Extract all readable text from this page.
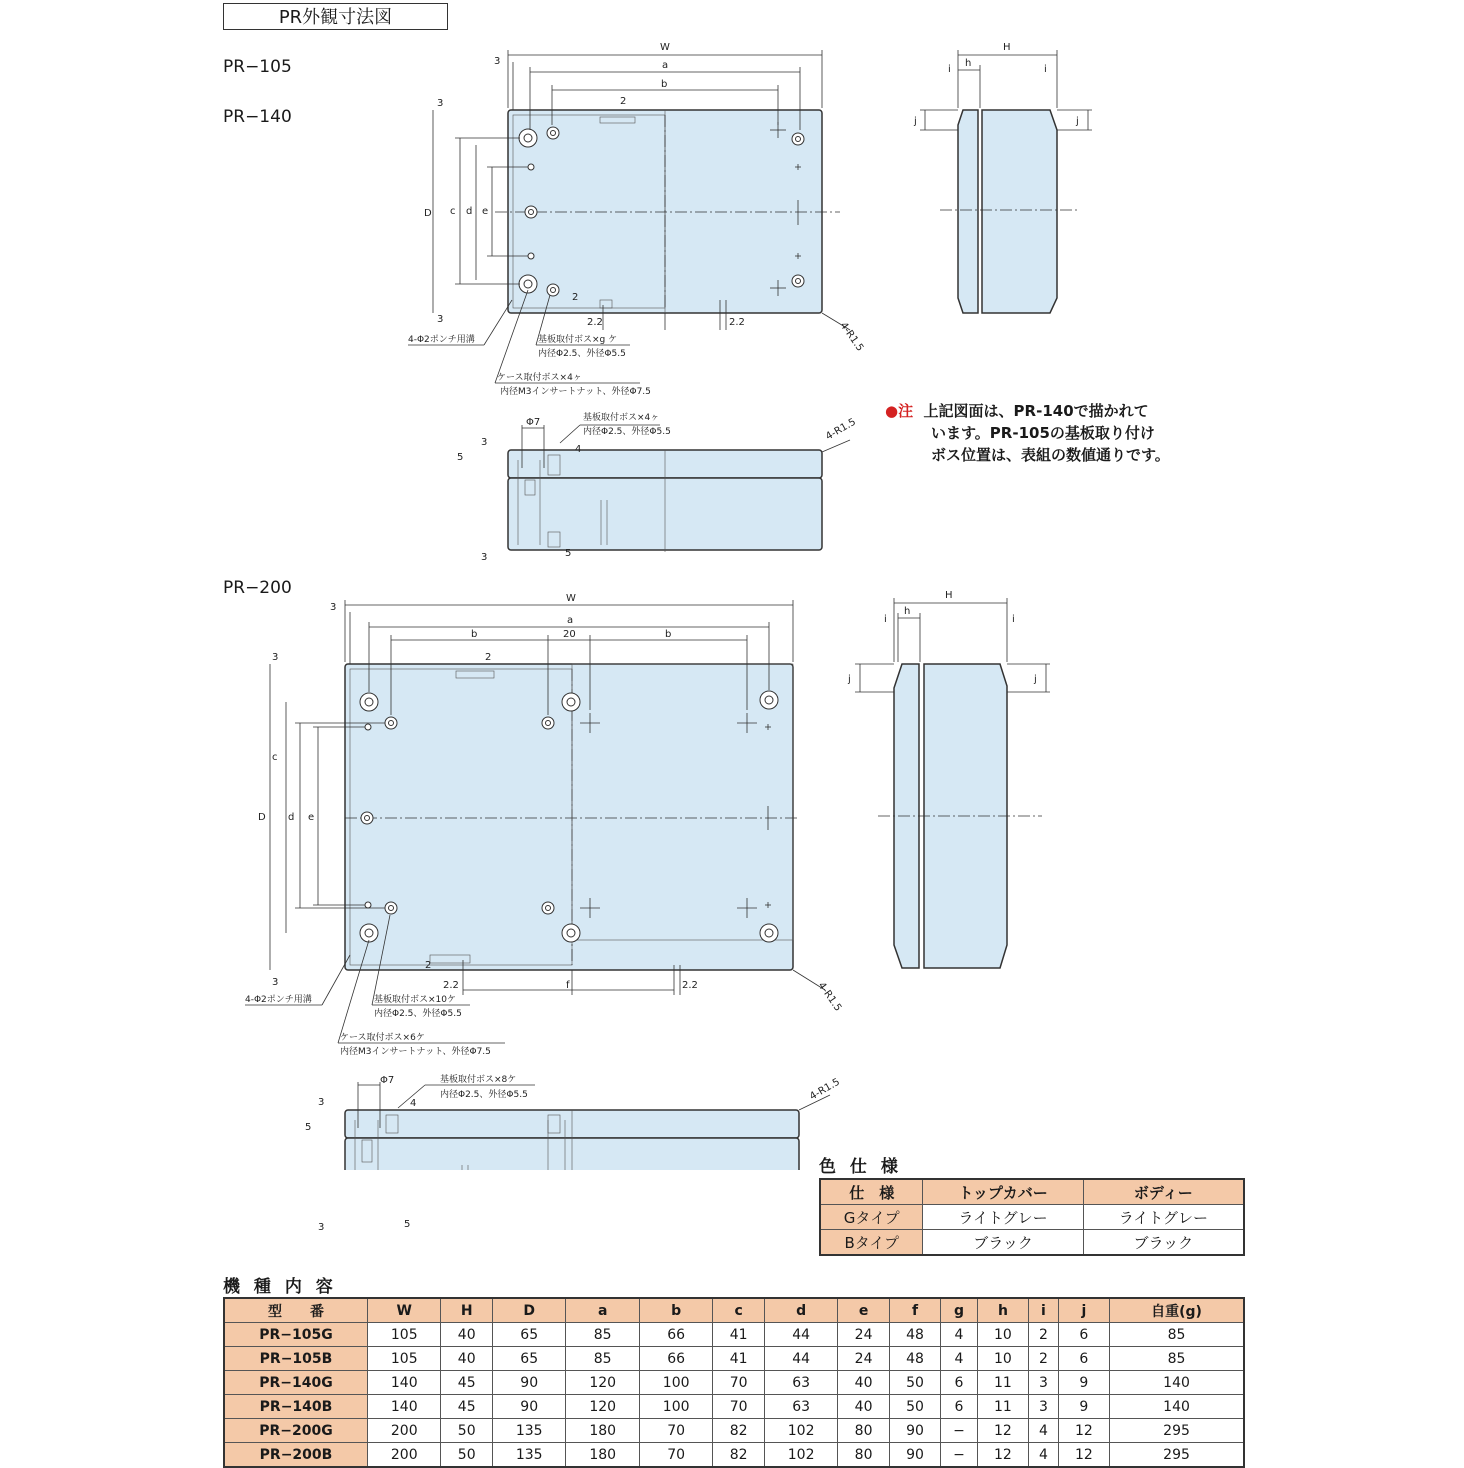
PR外観寸法図
PR−105
PR−140
PR−200
W
a
b
3
D c d e
3
3
2
2
2.2	2.2	4-R1.5
4-Φ2ポンチ用溝	基板取付ボス×g ケ
内径Φ2.5、外径Φ5.5
ケース取付ボス×4ヶ
内径M3インサートナット、外径Φ7.5
H
h
i	i
j	j
Φ7
3
5
3	5
4
基板取付ボス×4ヶ
内径Φ2.5、外径Φ5.5	4-R1.5
W
3
a
b	20	b
D d
c
e
3
3
2
2
2.2	2.2
f	4-R1.5
4-Φ2ポンチ用溝	基板取付ボス×10ケ
内径Φ2.5、外径Φ5.5
ケース取付ボス×6ケ
内径M3インサートナット、外径Φ7.5
H
h
i	i
j	j
Φ7
3
5
3	5
4
基板取付ボス×8ケ
内径Φ2.5、外径Φ5.5	4-R1.5
●注 上記図面は、PR-140で描かれて
います。PR-105の基板取り付け
ボス位置は、表組の数値通りです。
色 仕 様
仕　様	トップカバー	ボディー
Gタイプ	ライトグレー	ライトグレー
Bタイプ	ブラック	ブラック
機 種 内 容
型　　番	W	H	D	a	b	c	d	e	f	g	h	i	j	自重(g)
PR−105G	105	40	65	85	66	41	44	24	48	4	10	2	6	85
PR−105B	105	40	65	85	66	41	44	24	48	4	10	2	6	85
PR−140G	140	45	90	120	100	70	63	40	50	6	11	3	9	140
PR−140B	140	45	90	120	100	70	63	40	50	6	11	3	9	140
PR−200G	200	50	135	180	70	82	102	80	90	−	12	4	12	295
PR−200B	200	50	135	180	70	82	102	80	90	−	12	4	12	295
